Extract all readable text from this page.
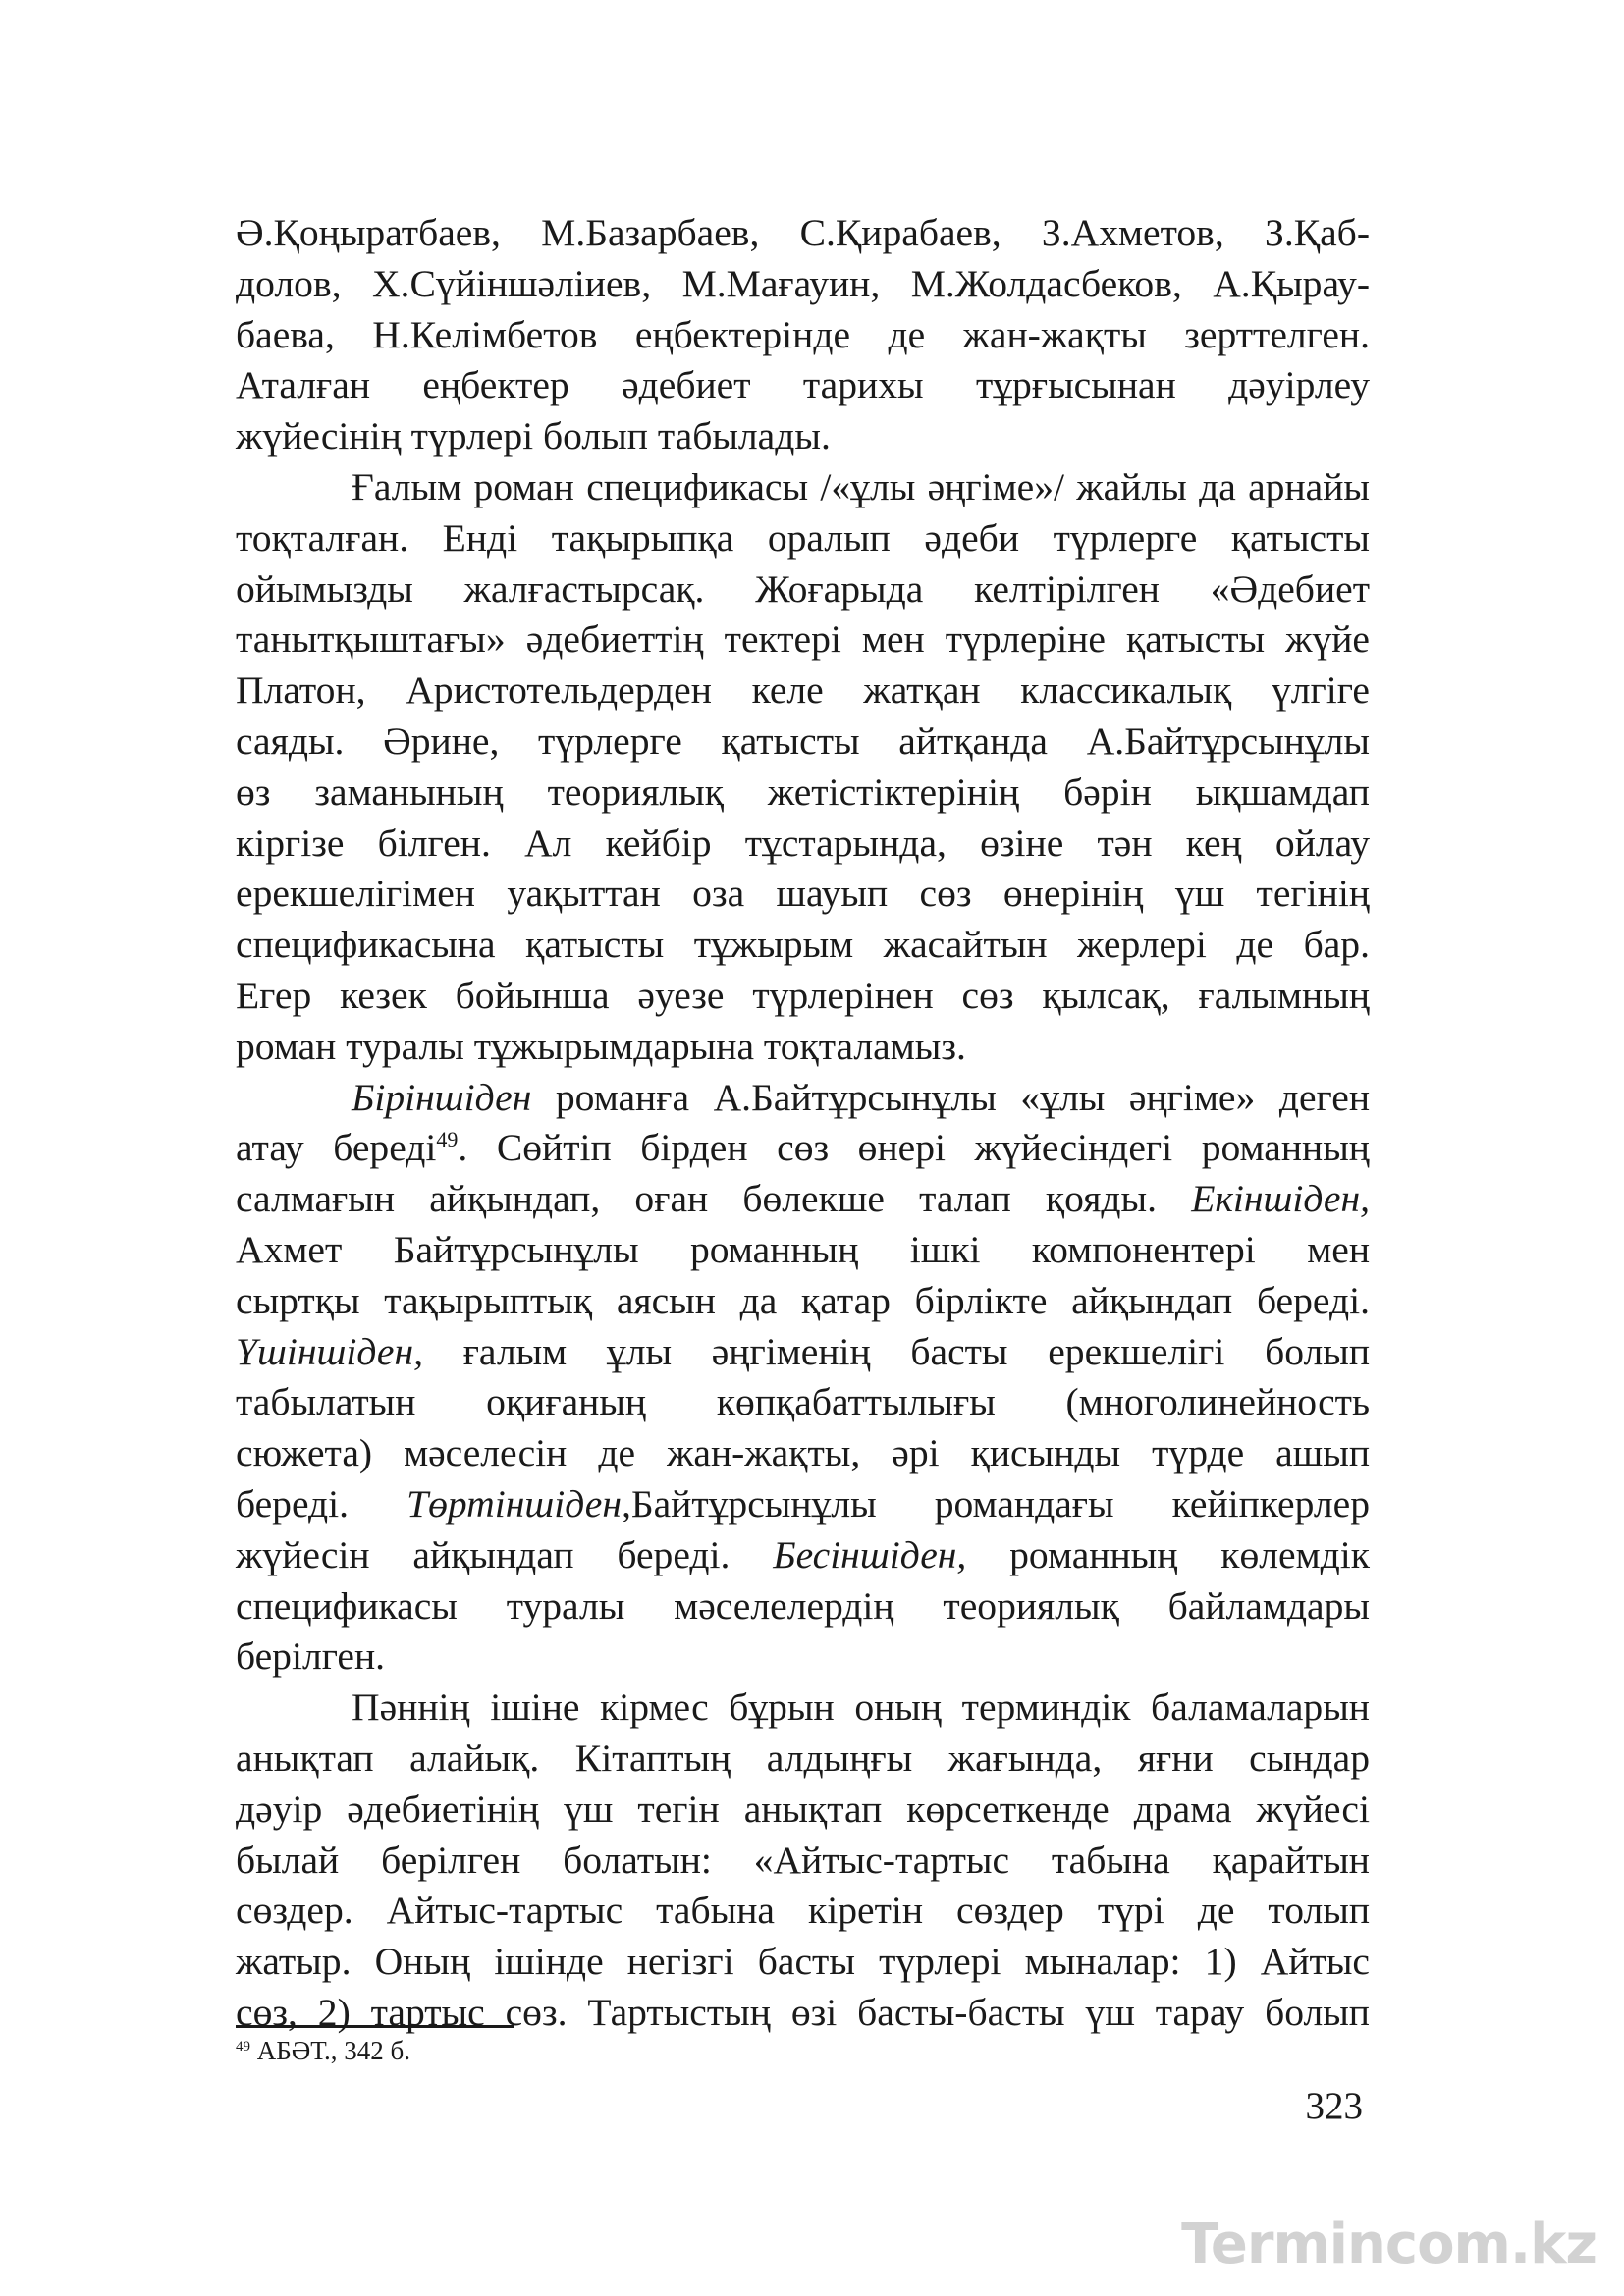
Ә.Қоңыратбаев, М.Базарбаев, С.Қирабаев, З.Ахметов, З.Қаб-
долов, Х.Сүйіншәліиев, М.Мағауин, М.Жолдасбеков, А.Қырау-
баева, Н.Келімбетов еңбектерінде де жан-жақты зерттелген.
Аталған еңбектер әдебиет тарихы тұрғысынан дәуірлеу
жүйесінің түрлері болып табылады.
Ғалым роман спецификасы /«ұлы әңгіме»/ жайлы да арнайы
тоқталған. Енді тақырыпқа оралып әдеби түрлерге қатысты
ойымызды жалғастырсақ. Жоғарыда келтірілген «Әдебиет
танытқыштағы» әдебиеттің тектері мен түрлеріне қатысты жүйе
Платон, Аристотельдерден келе жатқан классикалық үлгіге
саяды. Әрине, түрлерге қатысты айтқанда А.Байтұрсынұлы
өз заманының теориялық жетістіктерінің бәрін ықшамдап
кіргізе білген. Ал кейбір тұстарында, өзіне тән кең ойлау
ерекшелігімен уақыттан оза шауып сөз өнерінің үш тегінің
спецификасына қатысты тұжырым жасайтын жерлері де бар.
Егер кезек бойынша әуезе түрлерінен сөз қылсақ, ғалымның
роман туралы тұжырымдарына тоқталамыз.
Біріншіден романға А.Байтұрсынұлы «ұлы әңгіме» деген
атау береді$^{49}$. Сөйтіп бірден сөз өнері жүйесіндегі романның
салмағын айқындап, оған бөлекше талап қояды. Екіншіден,
Ахмет Байтұрсынұлы романның ішкі компонентері мен
сыртқы тақырыптық аясын да қатар бірлікте айқындап береді.
Үшіншіден, ғалым ұлы әңгіменің басты ерекшелігі болып
табылатын оқиғаның көпқабаттылығы (многолинейность
сюжета) мәселесін де жан-жақты, әрі қисынды түрде ашып
береді. Төртіншіден,Байтұрсынұлы романдағы кейіпкерлер
жүйесін айқындап береді. Бесіншіден, романның көлемдік
спецификасы туралы мәселелердің теориялық байламдары
берілген.
Пәннің ішіне кірмес бұрын оның терминдік баламаларын
анықтап алайық. Кітаптың алдыңғы жағында, яғни сындар
дәуір әдебиетінің үш тегін анықтап көрсеткенде драма жүйесі
былай берілген болатын: «Айтыс-тартыс табына қарайтын
сөздер. Айтыс-тартыс табына кіретін сөздер түрі де толып
жатыр. Оның ішінде негізгі басты түрлері мыналар: 1) Айтыс
сөз, 2) тартыс сөз. Тартыстың өзі басты-басты үш тарау болып
$^{49}$ АБӘТ., 342 б.
323
Termincom.kz
